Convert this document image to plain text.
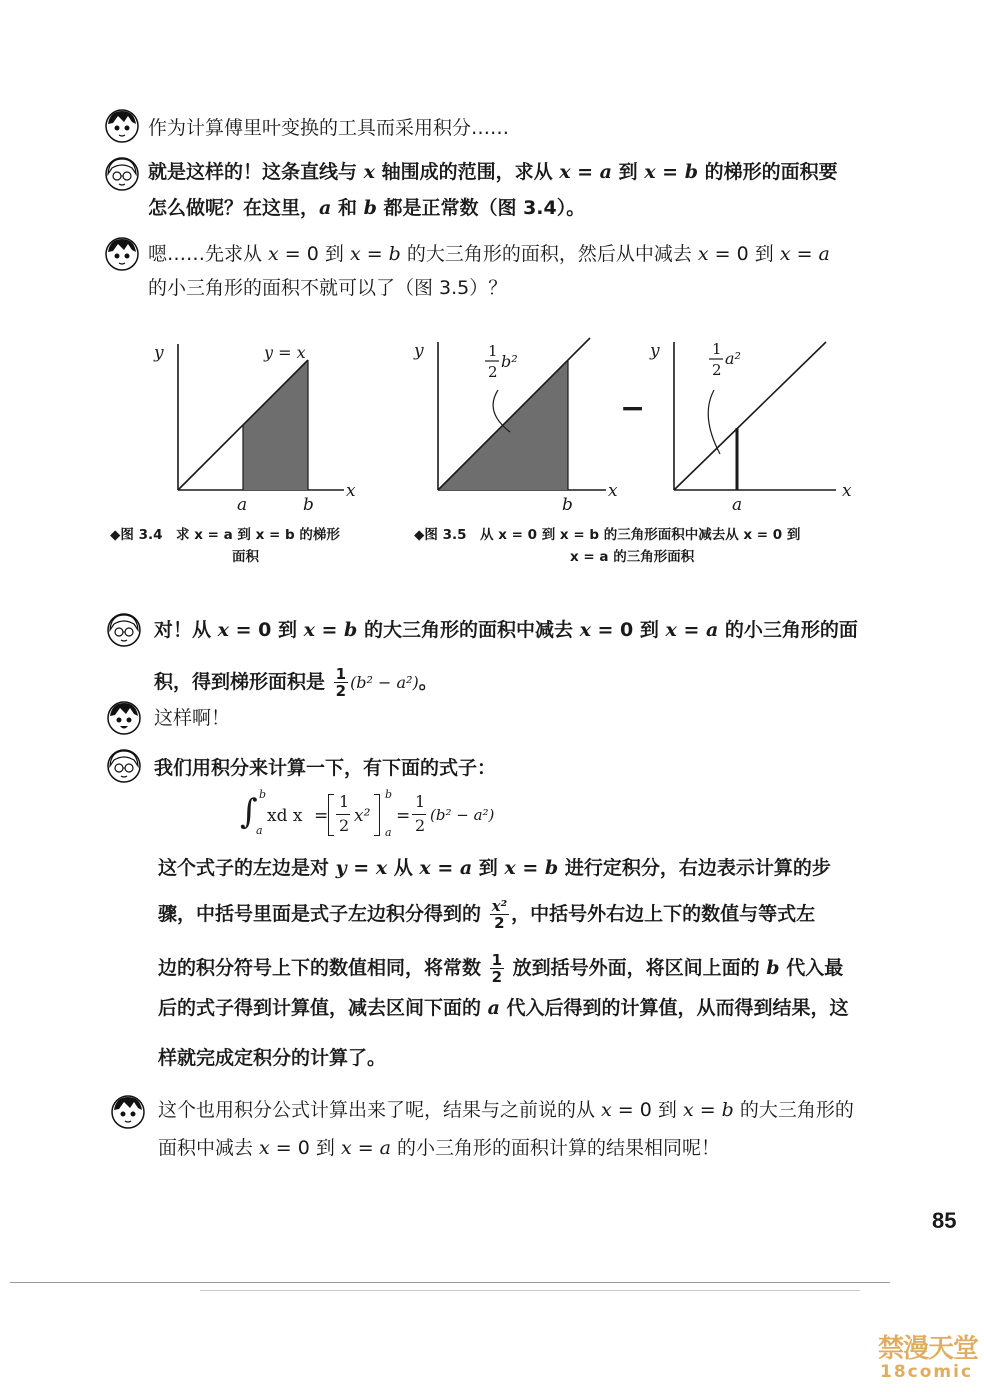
作为计算傅里叶变换的工具而采用积分……
就是这样的！这条直线与 x 轴围成的范围，求从 x = a 到 x = b 的梯形的面积要
怎么做呢？在这里，a 和 b 都是正常数（图 3.4）。
嗯……先求从 x = 0 到 x = b 的大三角形的面积，然后从中减去 x = 0 到 x = a
的小三角形的面积不就可以了（图 3.5）？
y
x
y = x
a	b
y
x
1
2
b²
b
−
y
x
1
2
a²
a
◆图 3.4　求 x = a 到 x = b 的梯形
面积
◆图 3.5　从 x = 0 到 x = b 的三角形面积中减去从 x = 0 到
x = a 的三角形面积
对！从 x = 0 到 x = b 的大三角形的面积中减去 x = 0 到 x = a 的小三角形的面
积，得到梯形面积是 $\frac{1}{2} (b^2 - a^2)$。
这样啊！
我们用积分来计算一下，有下面的式子：
∫ b
a
xd x =
1
2 x²
b
a
=
1
2
(b² − a²)
这个式子的左边是对 y = x 从 x = a 到 x = b 进行定积分，右边表示计算的步
骤，中括号里面是式子左边积分得到的 $\frac{\text{x²}}{2}$ ，中括号外右边上下的数值与等式左
边的积分符号上下的数值相同，将常数 $\frac{1}{2}$ 放到括号外面，将区间上面的 b 代入最
后的式子得到计算值，减去区间下面的 a 代入后得到的计算值，从而得到结果，这
样就完成定积分的计算了。
这个也用积分公式计算出来了呢，结果与之前说的从 x = 0 到 x = b 的大三角形的
面积中减去 x = 0 到 x = a 的小三角形的面积计算的结果相同呢！
85
禁漫天堂
18comic
